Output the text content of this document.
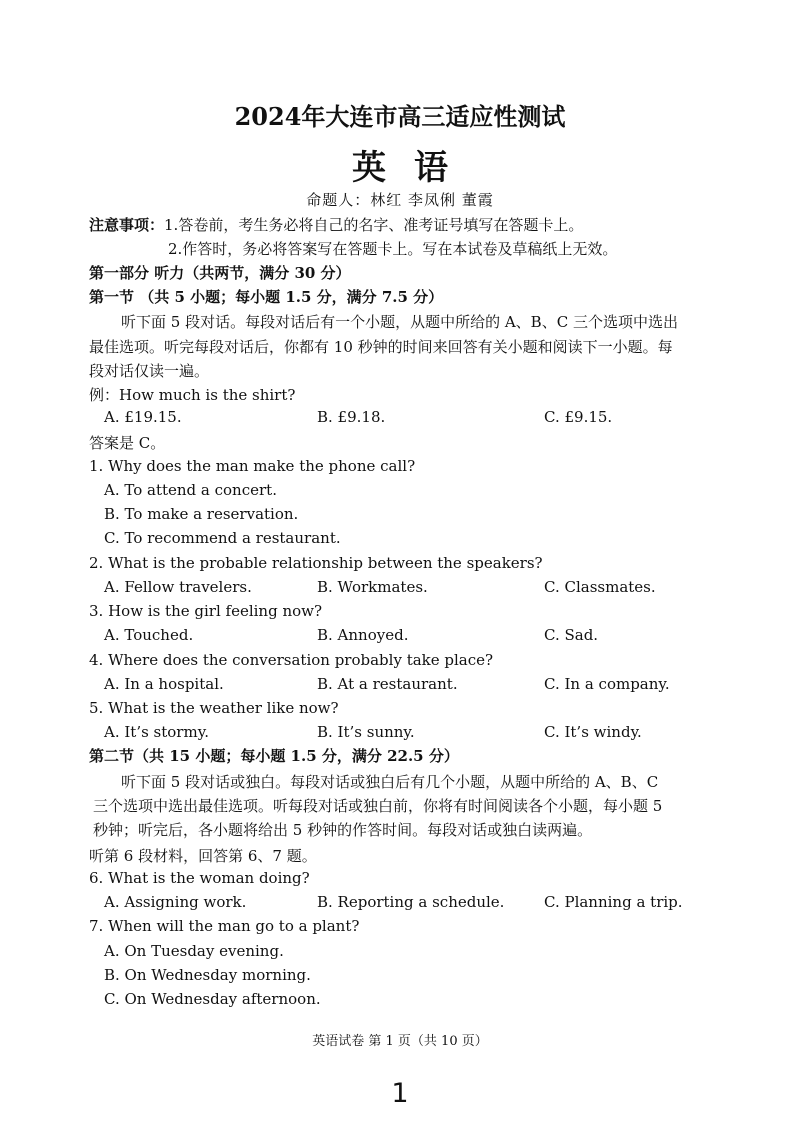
2024年大连市高三适应性测试
英语
命题人：林红 李凤俐 董霞
注意事项：1.答卷前，考生务必将自己的名字、准考证号填写在答题卡上。
2.作答时，务必将答案写在答题卡上。写在本试卷及草稿纸上无效。
第一部分 听力（共两节，满分 30 分）
第一节 （共 5 小题；每小题 1.5 分，满分 7.5 分）
听下面 5 段对话。每段对话后有一个小题，从题中所给的 A、B、C 三个选项中选出
最佳选项。听完每段对话后，你都有 10 秒钟的时间来回答有关小题和阅读下一小题。每
段对话仅读一遍。
例：How much is the shirt?
A. £19.15.	B. £9.18.	C. £9.15.
答案是 C。
1. Why does the man make the phone call?
A. To attend a concert.
B. To make a reservation.
C. To recommend a restaurant.
2. What is the probable relationship between the speakers?
A. Fellow travelers.	B. Workmates.	C. Classmates.
3. How is the girl feeling now?
A. Touched.	B. Annoyed.	C. Sad.
4. Where does the conversation probably take place?
A. In a hospital.	B. At a restaurant.	C. In a company.
5. What is the weather like now?
A. It’s stormy.	B. It’s sunny.	C. It’s windy.
第二节（共 15 小题；每小题 1.5 分，满分 22.5 分）
听下面 5 段对话或独白。每段对话或独白后有几个小题，从题中所给的 A、B、C
三个选项中选出最佳选项。听每段对话或独白前，你将有时间阅读各个小题，每小题 5
秒钟；听完后，各小题将给出 5 秒钟的作答时间。每段对话或独白读两遍。
听第 6 段材料，回答第 6、7 题。
6. What is the woman doing?
A. Assigning work.	B. Reporting a schedule.	C. Planning a trip.
7. When will the man go to a plant?
A. On Tuesday evening.
B. On Wednesday morning.
C. On Wednesday afternoon.
英语试卷 第 1 页（共 10 页）
1
